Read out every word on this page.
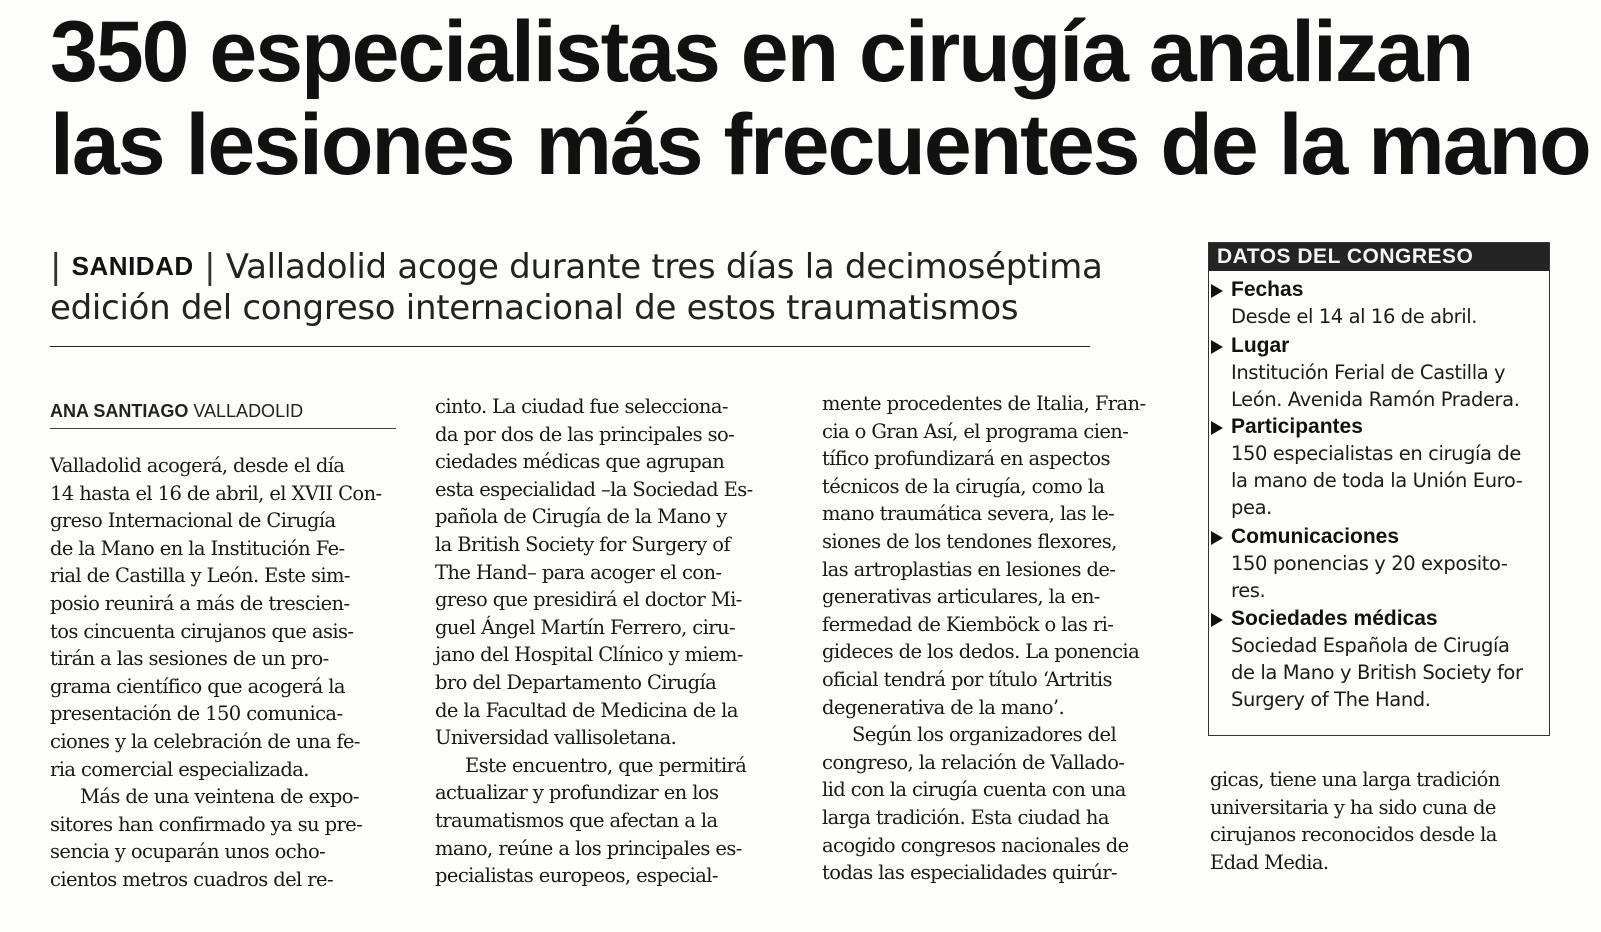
350 especialistas en cirugía analizan
las lesiones más frecuentes de la mano
| SANIDAD | Valladolid acoge durante tres días la decimoséptima
edición del congreso internacional de estos traumatismos
ANA SANTIAGO VALLADOLID
Valladolid acogerá, desde el día
14 hasta el 16 de abril, el XVII Con-
greso Internacional de Cirugía
de la Mano en la Institución Fe-
rial de Castilla y León. Este sim-
posio reunirá a más de trescien-
tos cincuenta cirujanos que asis-
tirán a las sesiones de un pro-
grama científico que acogerá la
presentación de 150 comunica-
ciones y la celebración de una fe-
ria comercial especializada.
Más de una veintena de expo-
sitores han confirmado ya su pre-
sencia y ocuparán unos ocho-
cientos metros cuadros del re-
cinto. La ciudad fue selecciona-
da por dos de las principales so-
ciedades médicas que agrupan
esta especialidad –la Sociedad Es-
pañola de Cirugía de la Mano y
la British Society for Surgery of
The Hand– para acoger el con-
greso que presidirá el doctor Mi-
guel Ángel Martín Ferrero, ciru-
jano del Hospital Clínico y miem-
bro del Departamento Cirugía
de la Facultad de Medicina de la
Universidad vallisoletana.
Este encuentro, que permitirá
actualizar y profundizar en los
traumatismos que afectan a la
mano, reúne a los principales es-
pecialistas europeos, especial-
mente procedentes de Italia, Fran-
cia o Gran Así, el programa cien-
tífico profundizará en aspectos
técnicos de la cirugía, como la
mano traumática severa, las le-
siones de los tendones flexores,
las artroplastias en lesiones de-
generativas articulares, la en-
fermedad de Kiemböck o las ri-
gideces de los dedos. La ponencia
oficial tendrá por título ‘Artritis
degenerativa de la mano’.
Según los organizadores del
congreso, la relación de Vallado-
lid con la cirugía cuenta con una
larga tradición. Esta ciudad ha
acogido congresos nacionales de
todas las especialidades quirúr-
gicas, tiene una larga tradición
universitaria y ha sido cuna de
cirujanos reconocidos desde la
Edad Media.
DATOS DEL CONGRESO
Fechas
Desde el 14 al 16 de abril.
Lugar
Institución Ferial de Castilla y
León. Avenida Ramón Pradera.
Participantes
150 especialistas en cirugía de
la mano de toda la Unión Euro-
pea.
Comunicaciones
150 ponencias y 20 exposito-
res.
Sociedades médicas
Sociedad Española de Cirugía
de la Mano y British Society for
Surgery of The Hand.
